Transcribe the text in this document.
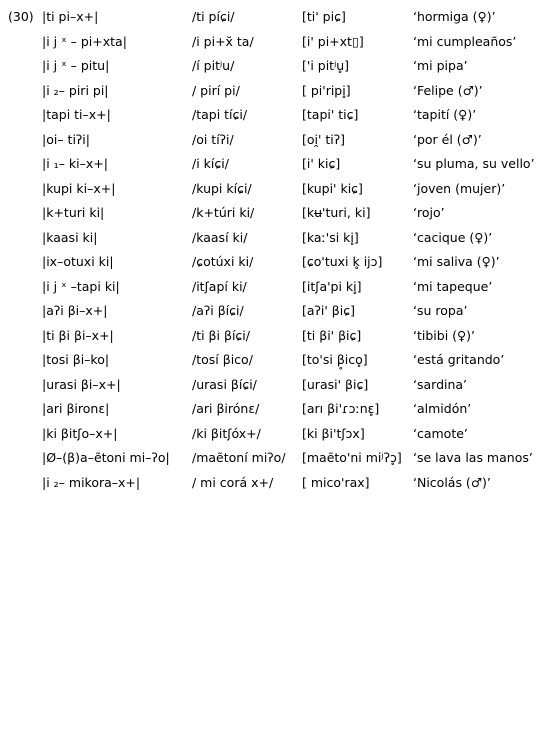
(30) |ti pi–x+|	/ti píɕi/	[ti' piɕ]	‘hormiga (♀)’
|i j ˣ – pi+xta|	/i pi+x̆ ta/	[i' pi+xt▯]	‘mi cumpleaños’
|i j ˣ – pitu|	/í pitʲu/	['i pitʲu̥]	‘mi pipa’
|i ₂– piri pi|	/ pirí pi/	[ pi'ripi̥]	‘Felipe (♂)’
|tapi ti–x+|	/tapi tíɕi/	[tapi' tiɕ]	‘tapití (♀)’
|oi– tiʔi|	/oi tíʔi/	[oi̯' tiʔ]	‘por él (♂)’
|i ₁– ki–x+|	/i kíɕi/	[i' kiɕ]	‘su pluma, su vello’
|kupi ki–x+|	/kupi kíɕi/	[kupi' kiɕ]	‘joven (mujer)’
|k+turi ki|	/k+túri ki/	[kʉ'turi, ki]	‘rojo’
|kaasi ki|	/kaasí ki/	[kaː'si ki̥]	‘cacique (♀)’
|ix–otuxi ki|	/ɕotúxi ki/	[ɕo'tuxi k̥ ijɔ] ‘mi saliva (♀)’
|i j ˣ –tapi ki|	/itʃapí ki/	[itʃa'pi ki̥]	‘mi tapeque’
|aʔi βi–x+|	/aʔi βíɕi/	[aʔi' βiɕ]	‘su ropa’
|ti βi βi–x+|	/ti βi βíɕi/	[ti βi' βiɕ]	‘tibibi (♀)’
|tosi βi–ko|	/tosí βico/	[to'si β̥ico̥]	‘está gritando’
|urasi βi–x+|	/urasi βíɕi/	[urasi' βiɕ]	‘sardina’
|ari βironɛ|	/ari βirónɛ/	[arı βi'ɾɔːnɛ̥]	‘almidón’
|ki βitʃo–x+|	/ki βitʃóx+/	[ki βi'tʃɔx]	‘camote’
|Ø–(β)a–ẽtoni mi–ʔo| /maẽtoní miʔo/ [maẽto'ni miʲʔɔ̥] ‘se lava las manos’
|i ₂– mikora–x+|	/ mi corá x+/ [ mico'rax]	‘Nicolás (♂)’
